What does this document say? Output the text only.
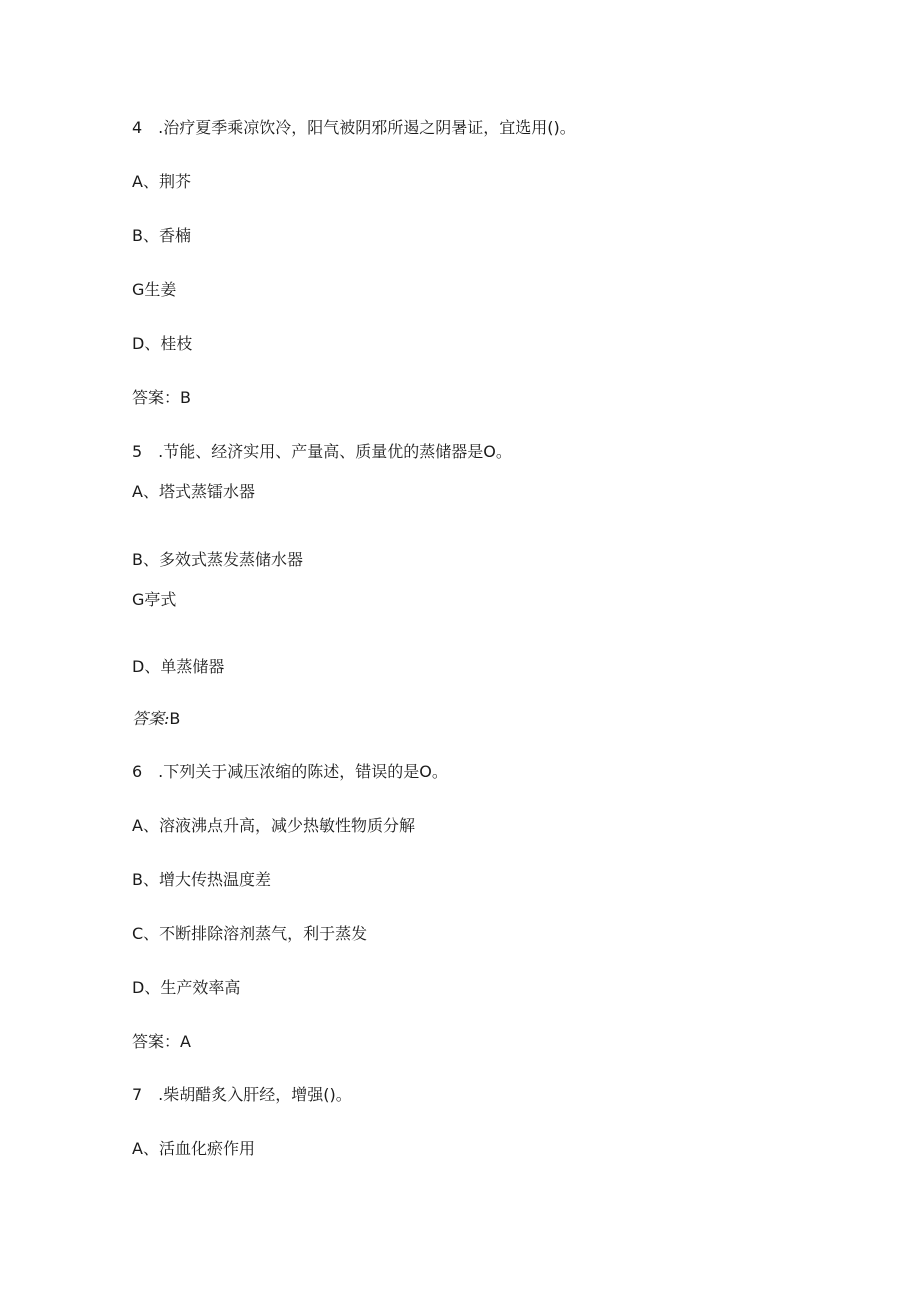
4　.治疗夏季乘凉饮冷，阳气被阴邪所遏之阴暑证，宜选用()。
A、荆芥
B、香楠
G生姜
D、桂枝
答案：B
5　.节能、经济实用、产量高、质量优的蒸储器是O。
A、塔式蒸镭水器
B、多效式蒸发蒸储水器
G亭式
D、单蒸储器
答案:B
6　.下列关于减压浓缩的陈述，错误的是O。
A、溶液沸点升高，减少热敏性物质分解
B、增大传热温度差
C、不断排除溶剂蒸气，利于蒸发
D、生产效率高
答案：A
7　.柴胡醋炙入肝经，增强()。
A、活血化瘀作用
